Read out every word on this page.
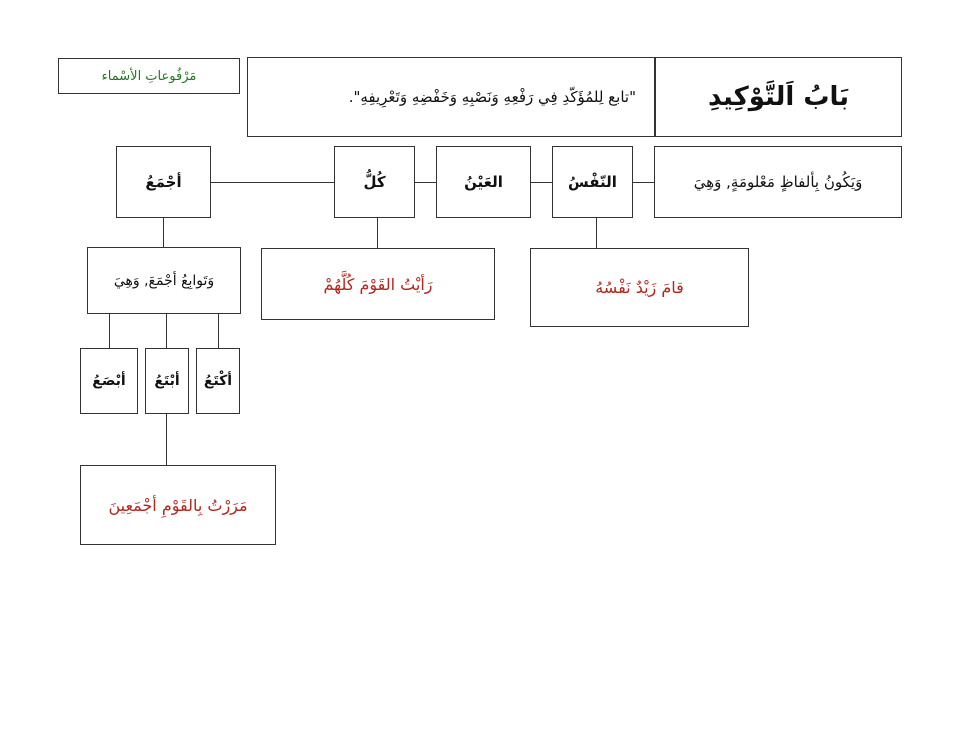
مَرْفُوعاتِ الأسْماء
"تابع لِلمُؤَكّدِ فِي رَفْعِهِ وَنَصْبِهِ وَخَفْضِهِ وَتَعْرِيفِهِ".	بَابُ اَلتَّوْكِيدِ
أجْمَعُ	كُلُّ	العَيْنُ	النّفْسُ	وَيَكُونُ بِألفاظٍ مَعْلومَةٍ, وَهِيَ
وَتَوابِعُ أجْمَعَ, وَهِيَ	رَأيْتُ القَوْمَ كُلَّهُمْ	قامَ زَيْدٌ نَفْسُهُ
أبْصَعُ أبْتَعُ أكْتَعُ
مَرَرْتُ بِالقَوْمِ أجْمَعِينَ
